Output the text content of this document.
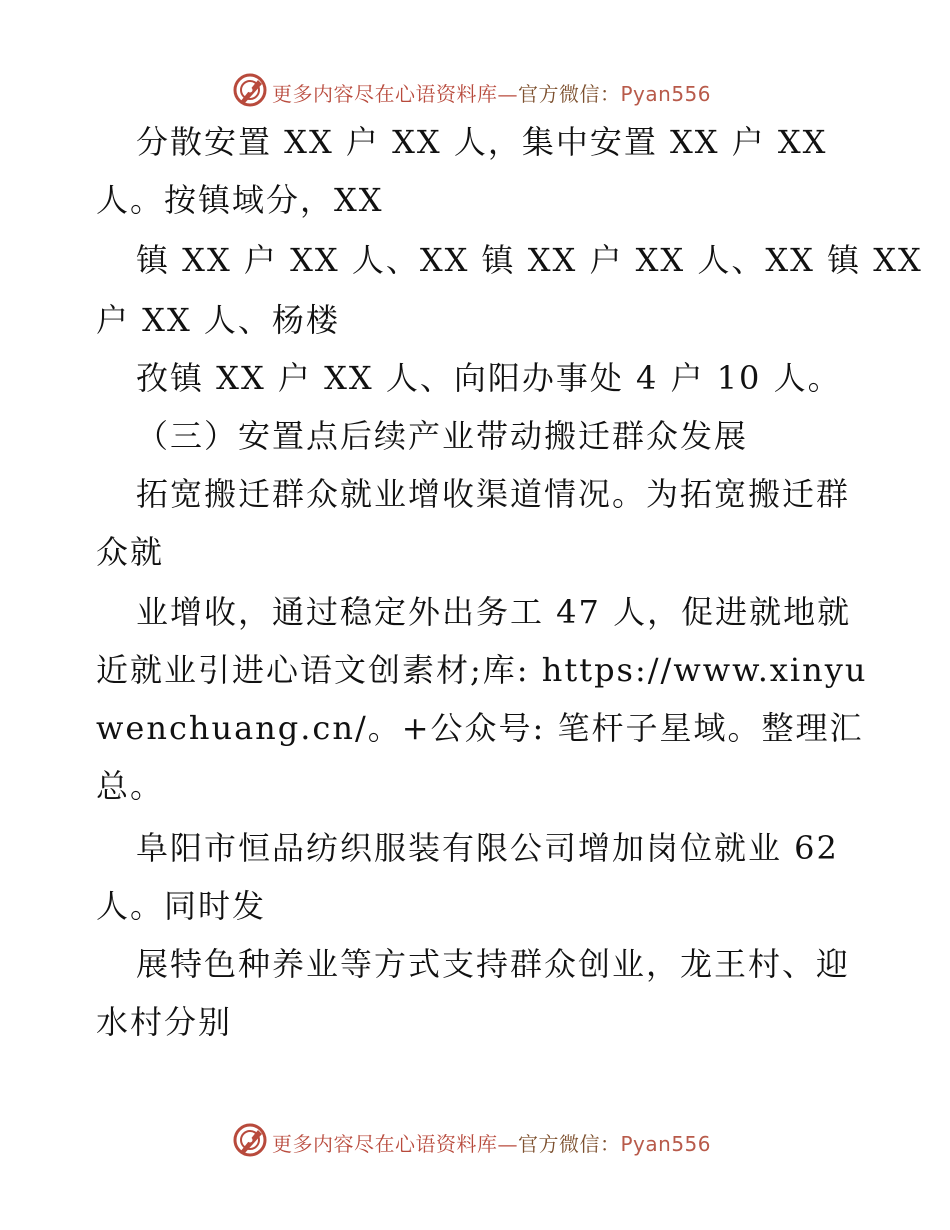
更多内容尽在心语资料库—官方微信：Pyan556
分散安置 XX 户 XX 人，集中安置 XX 户 XX
人。按镇域分，XX
镇 XX 户 XX 人、XX 镇 XX 户 XX 人、XX 镇 XX
户 XX 人、杨楼
孜镇 XX 户 XX 人、向阳办事处 4 户 10 人。
（三）安置点后续产业带动搬迁群众发展
拓宽搬迁群众就业增收渠道情况。为拓宽搬迁群
众就
业增收，通过稳定外出务工 47 人，促进就地就
近就业引进心语文创素材;库: https://www.xinyu
wenchuang.cn/。+公众号: 笔杆子星域。整理汇
总。
阜阳市恒品纺织服装有限公司增加岗位就业 62
人。同时发
展特色种养业等方式支持群众创业，龙王村、迎
水村分别
更多内容尽在心语资料库—官方微信：Pyan556
